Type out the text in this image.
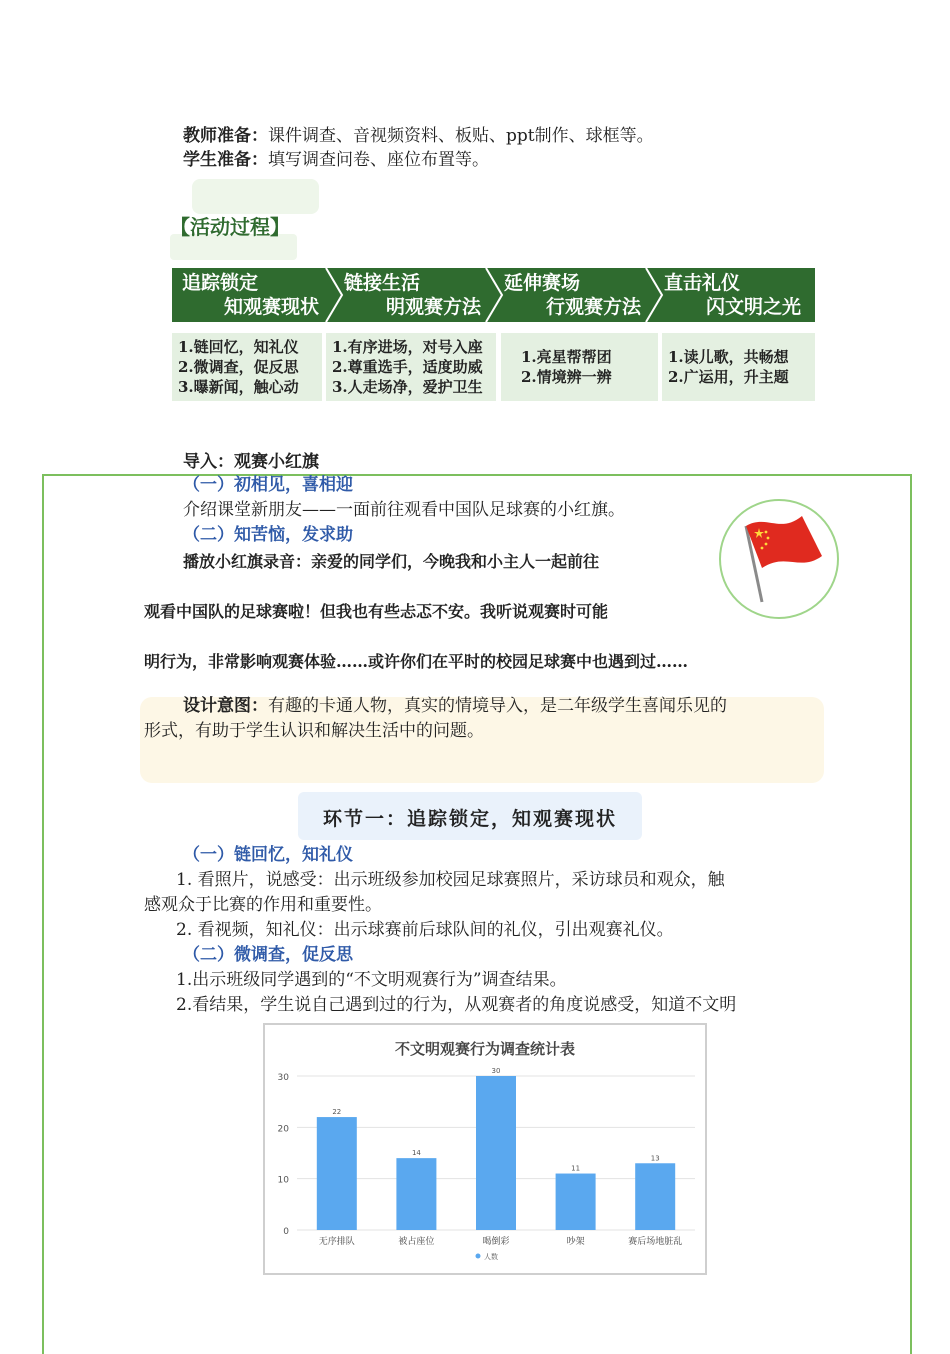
教师准备：课件调查、音视频资料、板贴、ppt制作、球框等。
学生准备：填写调查问卷、座位布置等。
【活动过程】
追踪锁定
知观赛现状
链接生活
明观赛方法
延伸赛场
行观赛方法
直击礼仪
闪文明之光
1.链回忆，知礼仪
2.微调查，促反思
3.曝新闻，触心动
1.有序进场，对号入座
2.尊重选手，适度助威
3.人走场净，爱护卫生
1.亮星帮帮团
2.情境辨一辨
1.读儿歌，共畅想
2.广运用，升主题
导入：观赛小红旗
（一）初相见，喜相迎
介绍课堂新朋友——一面前往观看中国队足球赛的小红旗。
（二）知苦恼，发求助
播放小红旗录音：亲爱的同学们，今晚我和小主人一起前往
观看中国队的足球赛啦！但我也有些忐忑不安。我听说观赛时可能
明行为，非常影响观赛体验……或许你们在平时的校园足球赛中也遇到过……
设计意图：有趣的卡通人物，真实的情境导入，是二年级学生喜闻乐见的
形式，有助于学生认识和解决生活中的问题。
环节一：追踪锁定，知观赛现状
（一）链回忆，知礼仪
1. 看照片，说感受：出示班级参加校园足球赛照片，采访球员和观众，触
感观众于比赛的作用和重要性。
2. 看视频，知礼仪：出示球赛前后球队间的礼仪，引出观赛礼仪。
（二）微调查，促反思
1.出示班级同学遇到的“不文明观赛行为”调查结果。
2.看结果，学生说自己遇到过的行为，从观赛者的角度说感受，知道不文明
不文明观赛行为调查统计表
0
10
20
30
22
无序排队
14
被占座位
30
喝倒彩
11
吵架
13
赛后场地脏乱
人数
